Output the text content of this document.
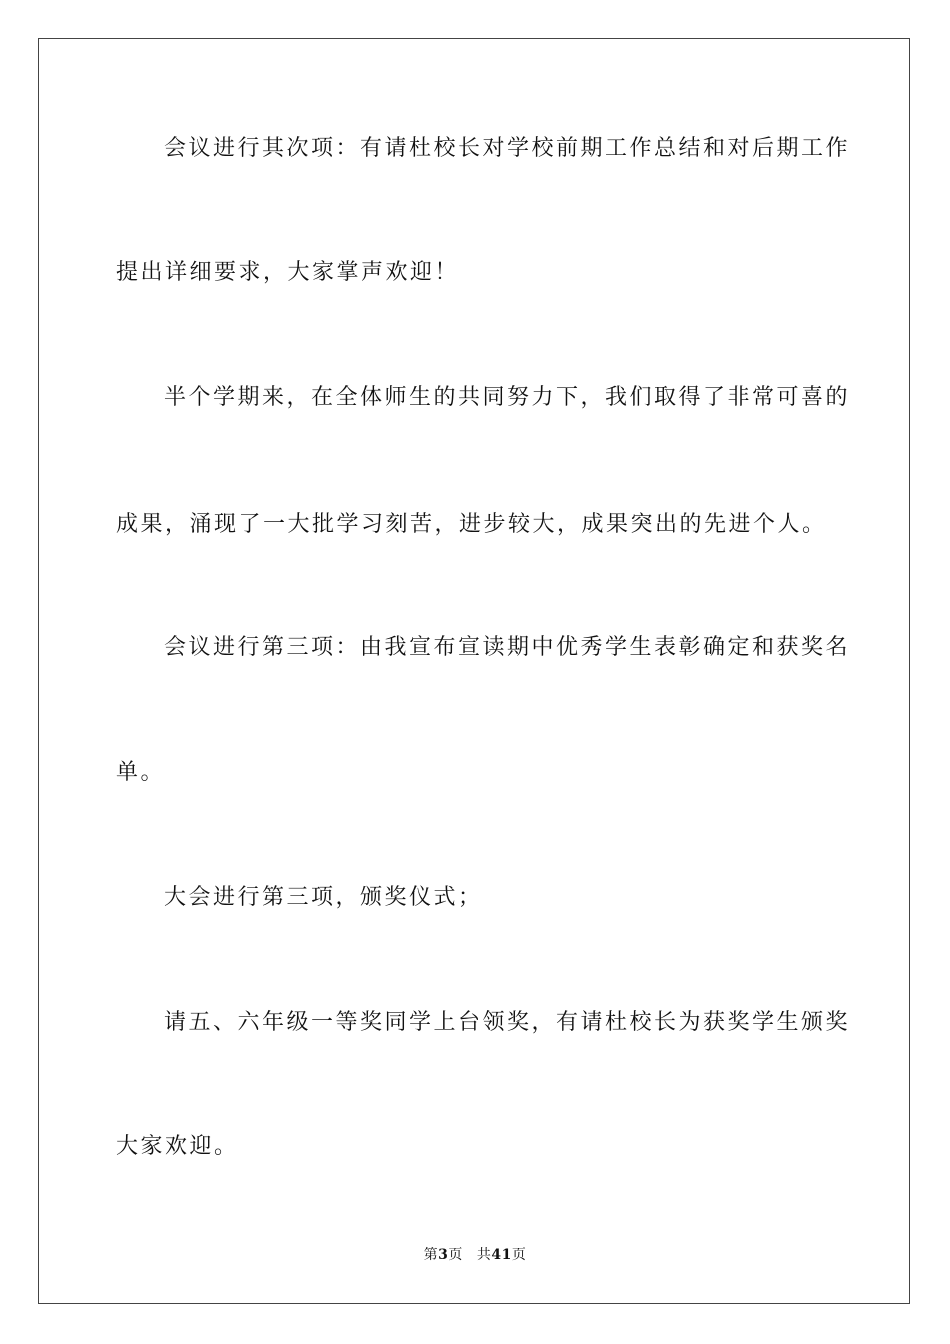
会议进行其次项：有请杜校长对学校前期工作总结和对后期工作
提出详细要求，大家掌声欢迎！
半个学期来，在全体师生的共同努力下，我们取得了非常可喜的
成果，涌现了一大批学习刻苦，进步较大，成果突出的先进个人。
会议进行第三项：由我宣布宣读期中优秀学生表彰确定和获奖名
单。
大会进行第三项，颁奖仪式；
请五、六年级一等奖同学上台领奖，有请杜校长为获奖学生颁奖
大家欢迎。
第3页 共41页
